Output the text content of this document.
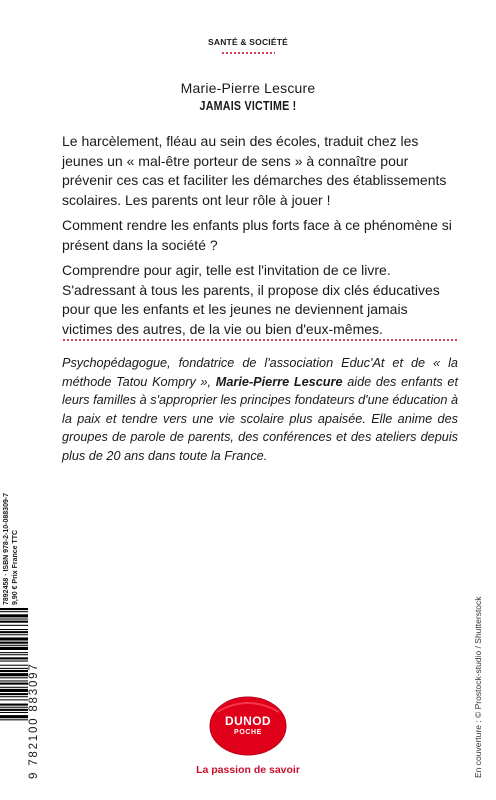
SANTÉ & SOCIÉTÉ
Marie-Pierre Lescure
JAMAIS VICTIME !
Le harcèlement, fléau au sein des écoles, traduit chez les jeunes un « mal-être porteur de sens » à connaître pour prévenir ces cas et faciliter les démarches des établissements scolaires. Les parents ont leur rôle à jouer !
Comment rendre les enfants plus forts face à ce phénomène si présent dans la société ?
Comprendre pour agir, telle est l'invitation de ce livre. S'adressant à tous les parents, il propose dix clés éducatives pour que les enfants et les jeunes ne deviennent jamais victimes des autres, de la vie ou bien d'eux-mêmes.
Psychopédagogue, fondatrice de l'association Educ'At et de « la méthode Tatou Kompry », Marie-Pierre Lescure aide des enfants et leurs familles à s'approprier les principes fondateurs d'une éducation à la paix et tendre vers une vie scolaire plus apaisée. Elle anime des groupes de parole de parents, des conférences et des ateliers depuis plus de 20 ans dans toute la France.
7892458 · ISBN 978-2-10-088309-7 9,90 € Prix France TTC
9 782100 883097	DUNOD
POCHE
La passion de savoir	En couverture : © Prostock-studio / Shutterstock
